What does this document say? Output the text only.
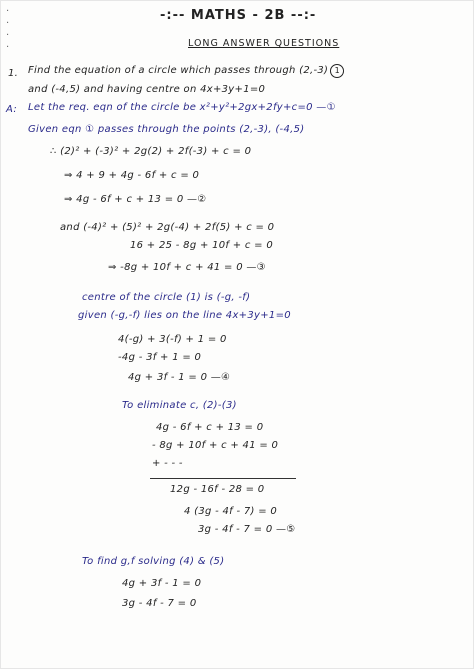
·
·
·
·
-:-- MATHS - 2B --:-
LONG ANSWER QUESTIONS
1. Find the equation of a circle which passes through (2,-3) 1
and (-4,5) and having centre on 4x+3y+1=0
A: Let the req. eqn of the circle be x²+y²+2gx+2fy+c=0 —①
Given eqn ① passes through the points (2,-3), (-4,5)
∴ (2)² + (-3)² + 2g(2) + 2f(-3) + c = 0
⇒ 4 + 9 + 4g - 6f + c = 0
⇒ 4g - 6f + c + 13 = 0 —②
and (-4)² + (5)² + 2g(-4) + 2f(5) + c = 0
16 + 25 - 8g + 10f + c = 0
⇒ -8g + 10f + c + 41 = 0 —③
centre of the circle (1) is (-g, -f)
given (-g,-f) lies on the line 4x+3y+1=0
4(-g) + 3(-f) + 1 = 0
-4g - 3f + 1 = 0
4g + 3f - 1 = 0 —④
To eliminate c, (2)-(3)
4g - 6f + c + 13 = 0
- 8g + 10f + c + 41 = 0
+ - - -
12g - 16f - 28 = 0
4 (3g - 4f - 7) = 0
3g - 4f - 7 = 0 —⑤
To find g,f solving (4) & (5)
4g + 3f - 1 = 0
3g - 4f - 7 = 0
